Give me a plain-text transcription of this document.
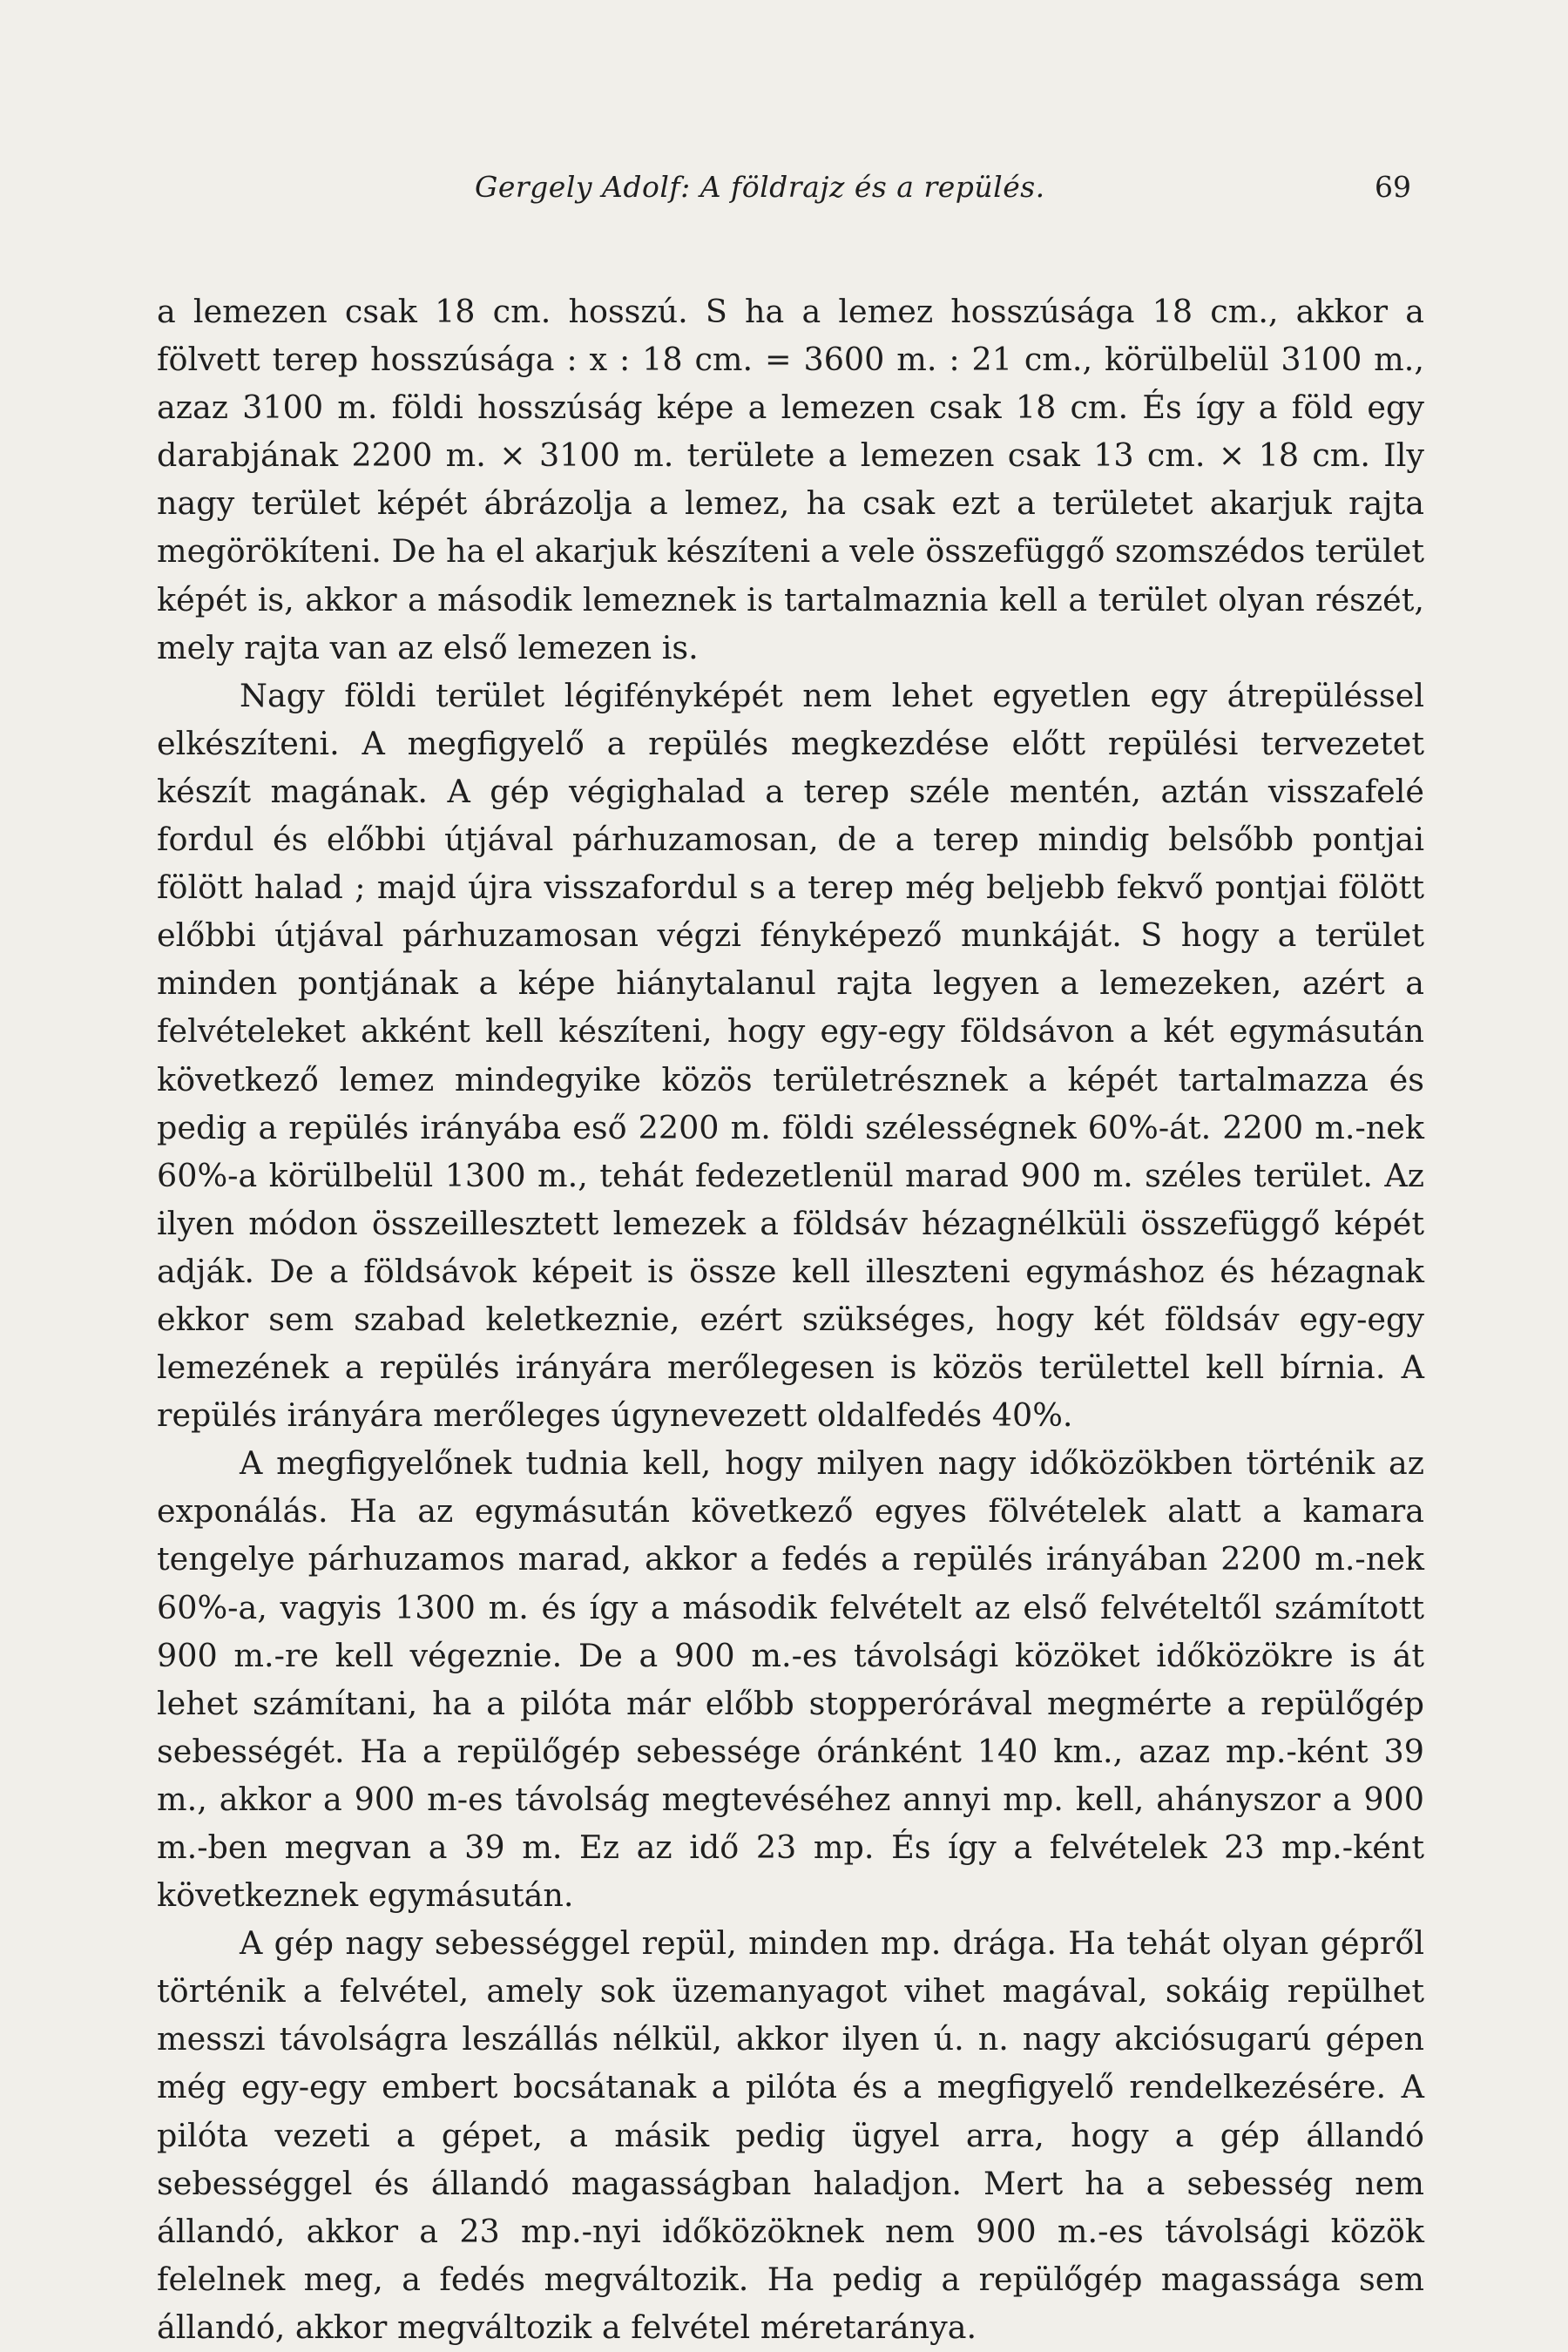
Gergely Adolf: A földrajz és a repülés.	69

a lemezen csak 18 cm. hosszú. S ha a lemez hosszúsága 18 cm., akkor a fölvett terep hosszúsága : x : 18 cm. = 3600 m. : 21 cm., körülbelül 3100 m., azaz 3100 m. földi hosszúság képe a lemezen csak 18 cm. És így a föld egy darabjának 2200 m. × 3100 m. területe a lemezen csak 13 cm. × 18 cm. Ily nagy terület képét ábrázolja a lemez, ha csak ezt a területet akarjuk rajta megörökíteni. De ha el akarjuk készíteni a vele összefüggő szomszédos terület képét is, akkor a második lemeznek is tartalmaznia kell a terület olyan részét, mely rajta van az első lemezen is.

Nagy földi terület légifényképét nem lehet egyetlen egy átrepüléssel elkészíteni. A megfigyelő a repülés megkezdése előtt repülési tervezetet készít magának. A gép végighalad a terep széle mentén, aztán visszafelé fordul és előbbi útjával párhuzamosan, de a terep mindig belsőbb pontjai fölött halad ; majd újra visszafordul s a terep még beljebb fekvő pontjai fölött előbbi útjával párhuzamosan végzi fényképező munkáját. S hogy a terület minden pontjának a képe hiánytalanul rajta legyen a lemezeken, azért a felvételeket akként kell készíteni, hogy egy-egy földsávon a két egymásután következő lemez mindegyike közös területrésznek a képét tartalmazza és pedig a repülés irányába eső 2200 m. földi szélességnek 60%-át. 2200 m.-nek 60%-a körülbelül 1300 m., tehát fedezetlenül marad 900 m. széles terület. Az ilyen módon összeillesztett lemezek a földsáv hézagnélküli összefüggő képét adják. De a földsávok képeit is össze kell illeszteni egymáshoz és hézagnak ekkor sem szabad keletkeznie, ezért szükséges, hogy két földsáv egy-egy lemezének a repülés irányára merőlegesen is közös területtel kell bírnia. A repülés irányára merőleges úgynevezett oldalfedés 40%.

A megfigyelőnek tudnia kell, hogy milyen nagy időközökben történik az exponálás. Ha az egymásután következő egyes fölvételek alatt a kamara tengelye párhuzamos marad, akkor a fedés a repülés irányában 2200 m.-nek 60%-a, vagyis 1300 m. és így a második felvételt az első felvételtől számított 900 m.-re kell végeznie. De a 900 m.-es távolsági közöket időközökre is át lehet számítani, ha a pilóta már előbb stopperórával megmérte a repülőgép sebességét. Ha a repülőgép sebessége óránként 140 km., azaz mp.-ként 39 m., akkor a 900 m-es távolság megtevéséhez annyi mp. kell, ahányszor a 900 m.-ben megvan a 39 m. Ez az idő 23 mp. És így a felvételek 23 mp.-ként következnek egymásután.

A gép nagy sebességgel repül, minden mp. drága. Ha tehát olyan gépről történik a felvétel, amely sok üzemanyagot vihet magával, sokáig repülhet messzi távolságra leszállás nélkül, akkor ilyen ú. n. nagy akciósugarú gépen még egy-egy embert bocsátanak a pilóta és a megfigyelő rendelkezésére. A pilóta vezeti a gépet, a másik pedig ügyel arra, hogy a gép állandó sebességgel és állandó magasságban haladjon. Mert ha a sebesség nem állandó, akkor a 23 mp.-nyi időközöknek nem 900 m.-es távolsági közök felelnek meg, a fedés megváltozik. Ha pedig a repülőgép magassága sem állandó, akkor megváltozik a felvétel méretaránya.
